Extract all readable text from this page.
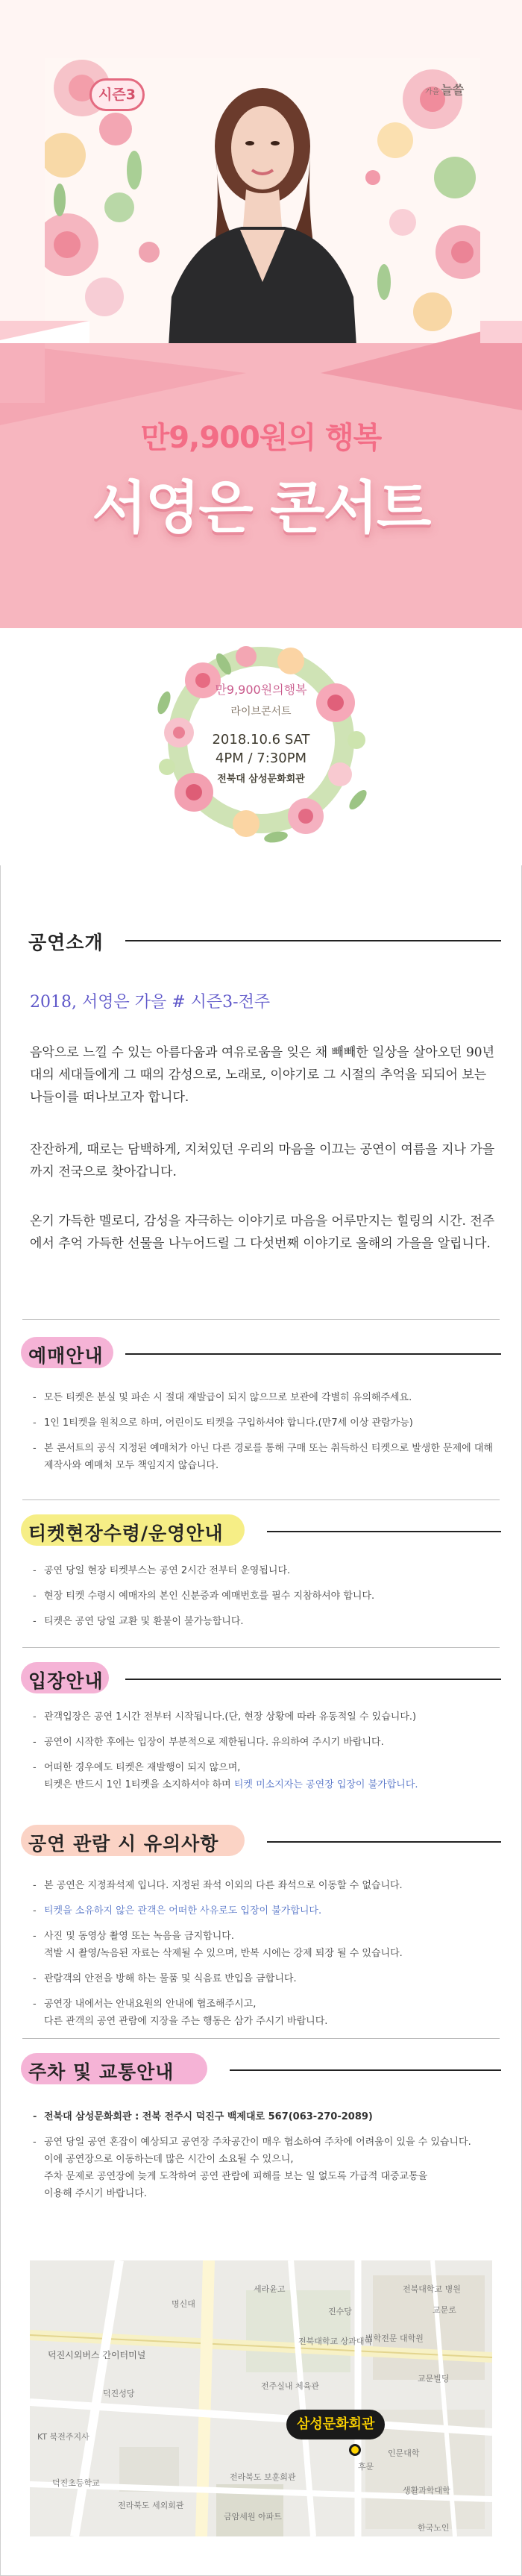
시즌3	가을 늘쓸
만9,900원의 행복
서영은 콘서트
만9,900원의행복
라이브콘서트
2018.10.6 SAT
4PM / 7:30PM
전북대 삼성문화회관
공연소개
2018, 서영은 가을 # 시즌3-전주
음악으로 느낄 수 있는 아름다움과 여유로움을 잊은 채 빼빼한 일상을 살아오던 90년대의 세대들에게 그 때의 감성으로, 노래로, 이야기로 그 시절의 추억을 되되어 보는 나들이를 떠나보고자 합니다.
잔잔하게, 때로는 담백하게, 지쳐있던 우리의 마음을 이끄는 공연이 여름을 지나 가을까지 전국으로 찾아갑니다.
온기 가득한 멜로디, 감성을 자극하는 이야기로 마음을 어루만지는 힐링의 시간. 전주에서 추억 가득한 선물을 나누어드릴 그 다섯번째 이야기로 올해의 가을을 알립니다.
예매안내
- 모든 티켓은 분실 및 파손 시 절대 재발급이 되지 않으므로 보관에 각별히 유의해주세요.
- 1인 1티켓을 원칙으로 하며, 어린이도 티켓을 구입하셔야 합니다.(만7세 이상 관람가능)
- 본 콘서트의 공식 지정된 예매처가 아닌 다른 경로를 통해 구매 또는 취득하신 티켓으로 발생한 문제에 대해 제작사와 예매처 모두 책임지지 않습니다.
티켓현장수령/운영안내
- 공연 당일 현장 티켓부스는 공연 2시간 전부터 운영됩니다.
- 현장 티켓 수령시 예매자의 본인 신분증과 예매번호를 필수 지참하셔야 합니다.
- 티켓은 공연 당일 교환 및 환불이 불가능합니다.
입장안내
- 관객입장은 공연 1시간 전부터 시작됩니다.(단, 현장 상황에 따라 유동적일 수 있습니다.)
- 공연이 시작한 후에는 입장이 부분적으로 제한됩니다. 유의하여 주시기 바랍니다.
- 어떠한 경우에도 티켓은 재발행이 되지 않으며,
티켓은 반드시 1인 1티켓을 소지하셔야 하며 티켓 미소지자는 공연장 입장이 불가합니다.
공연 관람 시 유의사항
- 본 공연은 지정좌석제 입니다. 지정된 좌석 이외의 다른 좌석으로 이동할 수 없습니다.
- 티켓을 소유하지 않은 관객은 어떠한 사유로도 입장이 불가합니다.
- 사진 및 동영상 촬영 또는 녹음을 금지합니다.
적발 시 촬영/녹음된 자료는 삭제될 수 있으며, 반복 시에는 강제 퇴장 될 수 있습니다.
- 관람객의 안전을 방해 하는 물품 및 식음료 반입을 금합니다.
- 공연장 내에서는 안내요원의 안내에 협조해주시고,
다른 관객의 공연 관람에 지장을 주는 행동은 삼가 주시기 바랍니다.
주차 및 교통안내
- 전북대 삼성문화회관 : 전북 전주시 덕진구 백제대로 567(063-270-2089)
- 공연 당일 공연 혼잡이 예상되고 공연장 주차공간이 매우 협소하여 주차에 어려움이 있을 수 있습니다.
이에 공연장으로 이동하는데 많은 시간이 소요될 수 있으니,
주차 문제로 공연장에 늦게 도착하여 공연 관람에 피해를 보는 일 없도록 가급적 대중교통을
이용해 주시기 바랍니다.
덕진시외버스 간이터미널
덕진성당
KT 북전주지사
덕진초등학교
전라북도 세외회관
전라북도 보훈회관
금암세원 아파트
전주실내 체육관
법학전문 대학원
교문로
전북대학교 병원
세라윤고
명신대
전북대학교 상과대학
교문빌딩
인문대학
한국노인
생활과학대학
진수당
후문
삼성문화회관
